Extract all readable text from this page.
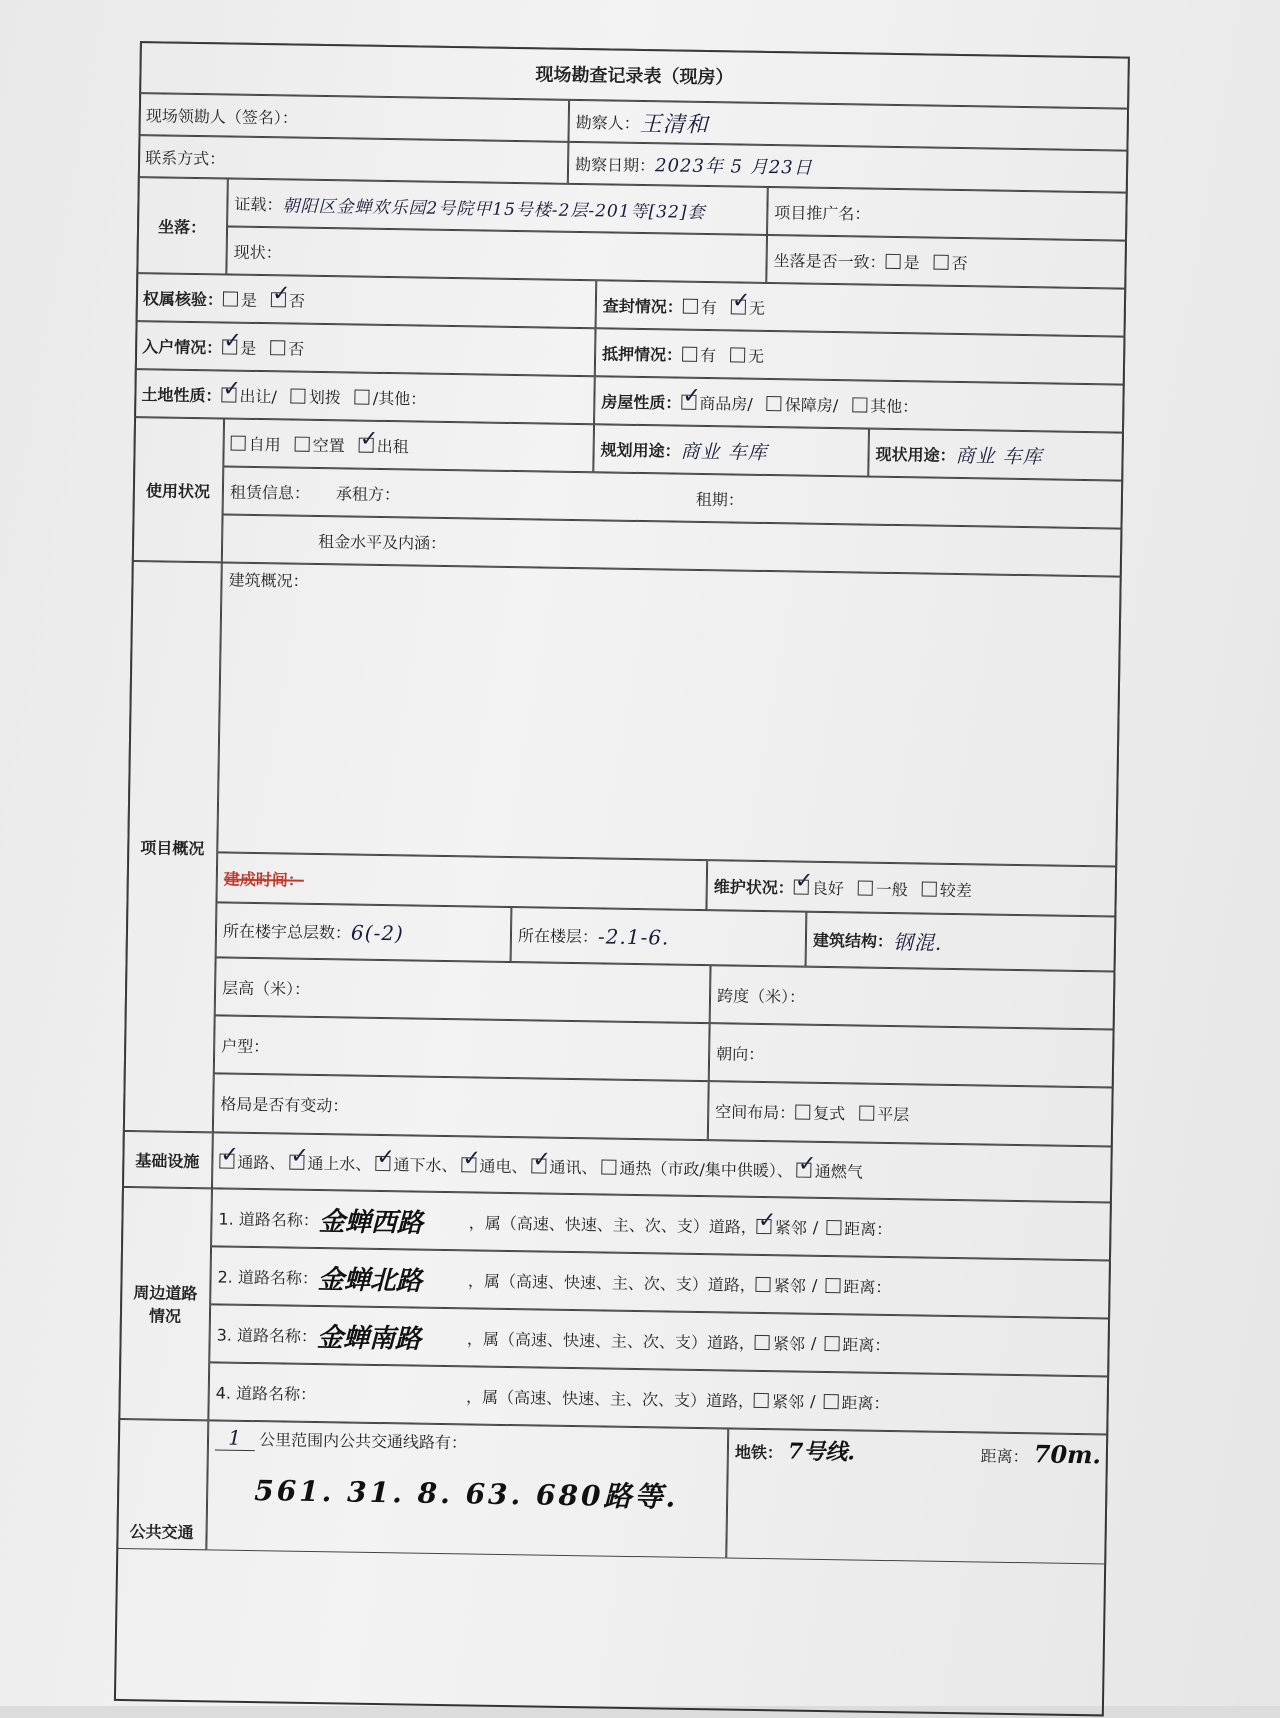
现场勘查记录表（现房）
现场领勘人（签名）：	勘察人： 王清和
联系方式：	勘察日期： 2023年 5 月23日
坐落：
证载： 朝阳区金蝉欢乐园2号院甲15号楼-2层-201等[32]套	项目推广名：
现状：	坐落是否一致： 是 否
权属核验： 是 ✓ 否	查封情况： 有 ✓ 无
入户情况： ✓ 是 否	抵押情况： 有 无
土地性质： ✓ 出让/ 划拨 /其他：	房屋性质： ✓ 商品房/ 保障房/ 其他：
使用状况
自用 空置 ✓ 出租	规划用途： 商业 车库	现状用途： 商业 车库
租赁信息： 承租方：	租期：
租金水平及内涵：
项目概况
建筑概况：
建成时间：	维护状况： ✓ 良好 一般 较差
所在楼宇总层数： 6(-2)	所在楼层： -2.1-6.	建筑结构： 钢混.
层高（米）：	跨度（米）：
户型：	朝向：
格局是否有变动：	空间布局： 复式 平层
基础设施 ✓	通路、 ✓ 通上水、 ✓ 通下水、 ✓ 通电、 ✓ 通讯、 通热（市政/集中供暖）、 ✓ 通燃气
周边道路情况
1. 道路名称： 金蝉西路	，属（高速、快速、主、次、支）道路， ✓ 紧邻 / 距离：
2. 道路名称： 金蝉北路	，属（高速、快速、主、次、支）道路， 紧邻 / 距离：
3. 道路名称： 金蝉南路	，属（高速、快速、主、次、支）道路， 紧邻 / 距离：
4. 道路名称：	，属（高速、快速、主、次、支）道路， 紧邻 / 距离：
公共交通
1	公里范围内公共交通线路有：
561. 31. 8. 63. 680路等.
地铁： 7号线.	距离： 70m.
